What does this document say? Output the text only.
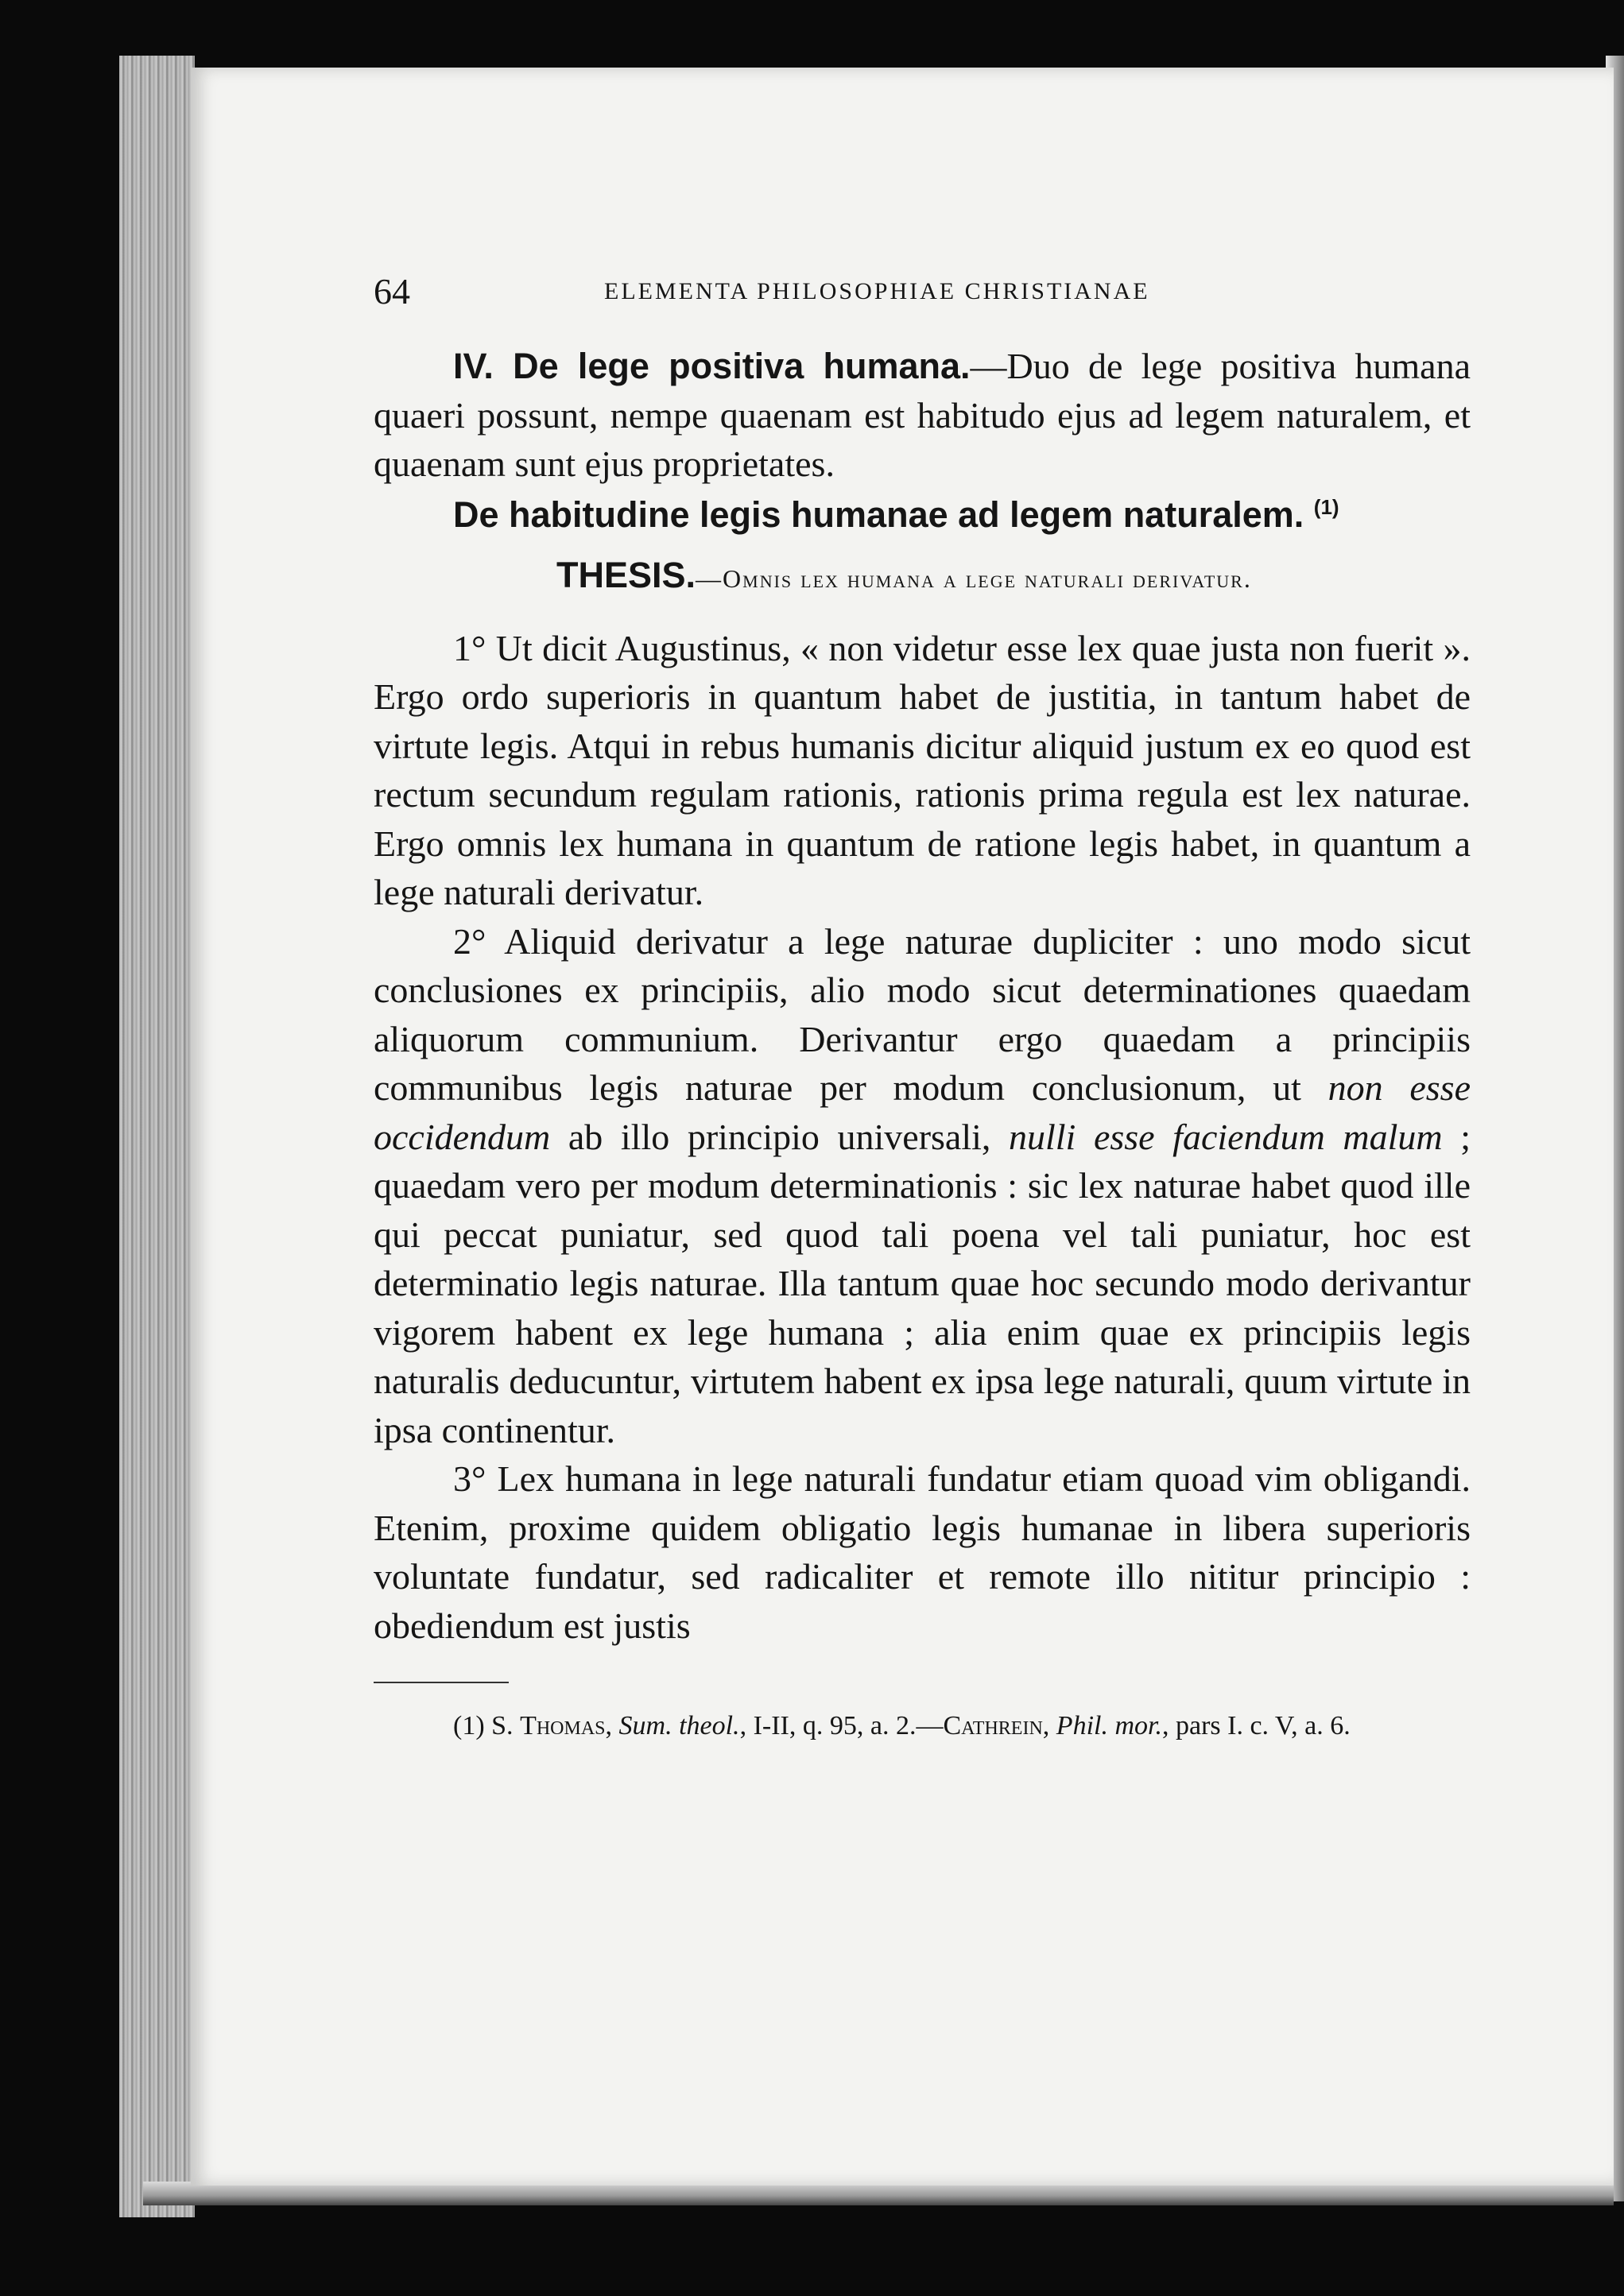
64	ELEMENTA PHILOSOPHIAE CHRISTIANAE

IV. De lege positiva humana.—Duo de lege positiva humana quaeri possunt, nempe quaenam est habitudo ejus ad legem naturalem, et quaenam sunt ejus proprietates.

De habitudine legis humanae ad legem naturalem. $^{(1)}$

THESIS.—Omnis lex humana a lege naturali derivatur.

1° Ut dicit Augustinus, « non videtur esse lex quae justa non fuerit ». Ergo ordo superioris in quantum habet de justitia, in tantum habet de virtute legis. Atqui in rebus humanis dicitur aliquid justum ex eo quod est rectum secundum regulam rationis, rationis prima regula est lex naturae. Ergo omnis lex humana in quantum de ratione legis habet, in quantum a lege naturali derivatur.

2° Aliquid derivatur a lege naturae dupliciter : uno modo sicut conclusiones ex principiis, alio modo sicut determinationes quaedam aliquorum communium. Derivantur ergo quaedam a principiis communibus legis naturae per modum conclusionum, ut non esse occidendum ab illo principio universali, nulli esse faciendum malum ; quaedam vero per modum determinationis : sic lex naturae habet quod ille qui peccat puniatur, sed quod tali poena vel tali puniatur, hoc est determinatio legis naturae. Illa tantum quae hoc secundo modo derivantur vigorem habent ex lege humana ; alia enim quae ex principiis legis naturalis deducuntur, virtutem habent ex ipsa lege naturali, quum virtute in ipsa continentur.

3° Lex humana in lege naturali fundatur etiam quoad vim obligandi. Etenim, proxime quidem obligatio legis humanae in libera superioris voluntate fundatur, sed radicaliter et remote illo nititur principio : obediendum est justis

(1) S. Thomas, Sum. theol., I-II, q. 95, a. 2.—Cathrein, Phil. mor., pars I. c. V, a. 6.
